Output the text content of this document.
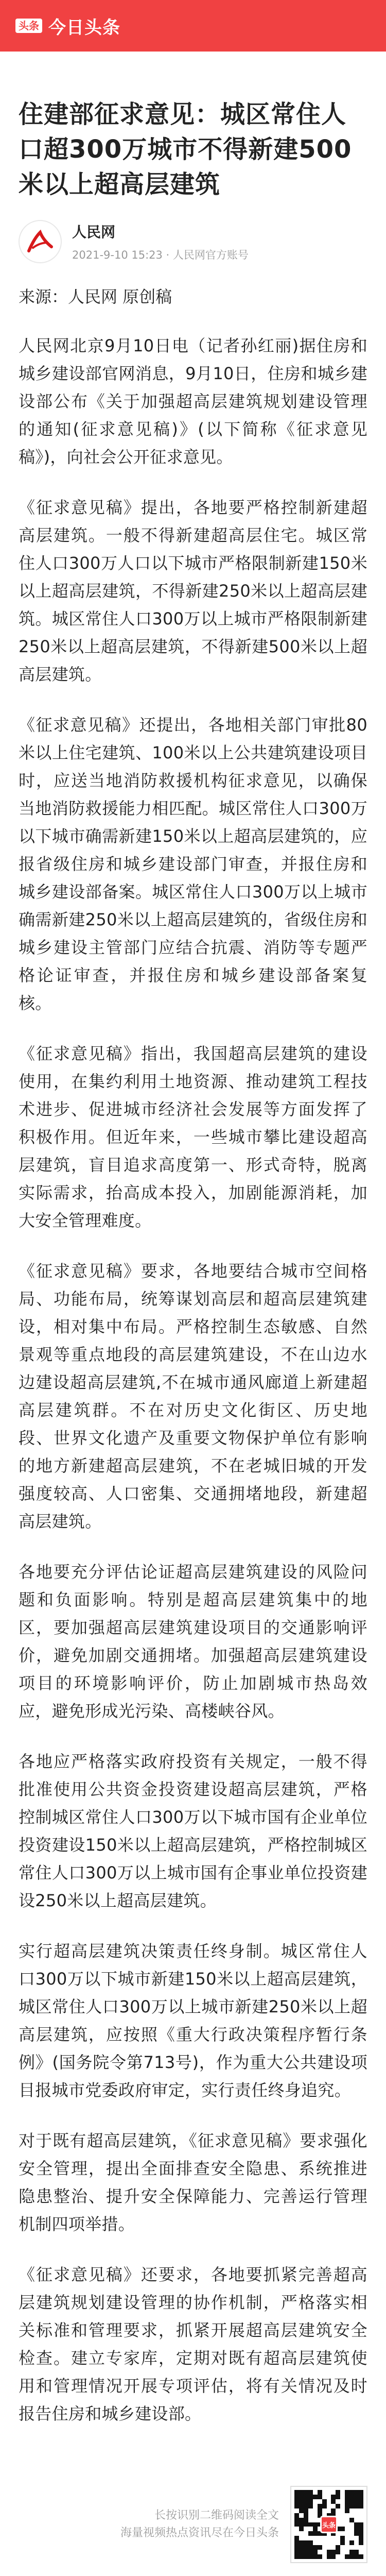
头条 今日头条
住建部征求意见：城区常住人口超300万城市不得新建500米以上超高层建筑
人民网
2021-9-10 15:23 · 人民网官方账号
来源：人民网 原创稿

人民网北京9月10日电（记者孙红丽)据住房和城乡建设部官网消息，9月10日，住房和城乡建设部公布《关于加强超高层建筑规划建设管理的通知(征求意见稿)》(以下简称《征求意见稿》)，向社会公开征求意见。

《征求意见稿》提出，各地要严格控制新建超高层建筑。一般不得新建超高层住宅。城区常住人口300万人口以下城市严格限制新建150米以上超高层建筑，不得新建250米以上超高层建筑。城区常住人口300万以上城市严格限制新建250米以上超高层建筑，不得新建500米以上超高层建筑。

《征求意见稿》还提出，各地相关部门审批80米以上住宅建筑、100米以上公共建筑建设项目时，应送当地消防救援机构征求意见，以确保当地消防救援能力相匹配。城区常住人口300万以下城市确需新建150米以上超高层建筑的，应报省级住房和城乡建设部门审查，并报住房和城乡建设部备案。城区常住人口300万以上城市确需新建250米以上超高层建筑的，省级住房和城乡建设主管部门应结合抗震、消防等专题严格论证审查，并报住房和城乡建设部备案复核。

《征求意见稿》指出，我国超高层建筑的建设使用，在集约利用土地资源、推动建筑工程技术进步、促进城市经济社会发展等方面发挥了积极作用。但近年来，一些城市攀比建设超高层建筑，盲目追求高度第一、形式奇特，脱离实际需求，抬高成本投入，加剧能源消耗，加大安全管理难度。

《征求意见稿》要求，各地要结合城市空间格局、功能布局，统筹谋划高层和超高层建筑建设，相对集中布局。严格控制生态敏感、自然景观等重点地段的高层建筑建设，不在山边水边建设超高层建筑,不在城市通风廊道上新建超高层建筑群。不在对历史文化街区、历史地段、世界文化遗产及重要文物保护单位有影响的地方新建超高层建筑，不在老城旧城的开发强度较高、人口密集、交通拥堵地段，新建超高层建筑。

各地要充分评估论证超高层建筑建设的风险问题和负面影响。特别是超高层建筑集中的地区，要加强超高层建筑建设项目的交通影响评价，避免加剧交通拥堵。加强超高层建筑建设项目的环境影响评价，防止加剧城市热岛效应，避免形成光污染、高楼峡谷风。

各地应严格落实政府投资有关规定，一般不得批准使用公共资金投资建设超高层建筑，严格控制城区常住人口300万以下城市国有企业单位投资建设150米以上超高层建筑，严格控制城区常住人口300万以上城市国有企事业单位投资建设250米以上超高层建筑。

实行超高层建筑决策责任终身制。城区常住人口300万以下城市新建150米以上超高层建筑，城区常住人口300万以上城市新建250米以上超高层建筑，应按照《重大行政决策程序暂行条例》(国务院令第713号)，作为重大公共建设项目报城市党委政府审定，实行责任终身追究。

对于既有超高层建筑，《征求意见稿》要求强化安全管理，提出全面排查安全隐患、系统推进隐患整治、提升安全保障能力、完善运行管理机制四项举措。

《征求意见稿》还要求，各地要抓紧完善超高层建筑规划建设管理的协作机制，严格落实相关标准和管理要求，抓紧开展超高层建筑安全检查。建立专家库，定期对既有超高层建筑使用和管理情况开展专项评估，将有关情况及时报告住房和城乡建设部。

长按识别二维码阅读全文
海量视频热点资讯尽在今日头条
头条
